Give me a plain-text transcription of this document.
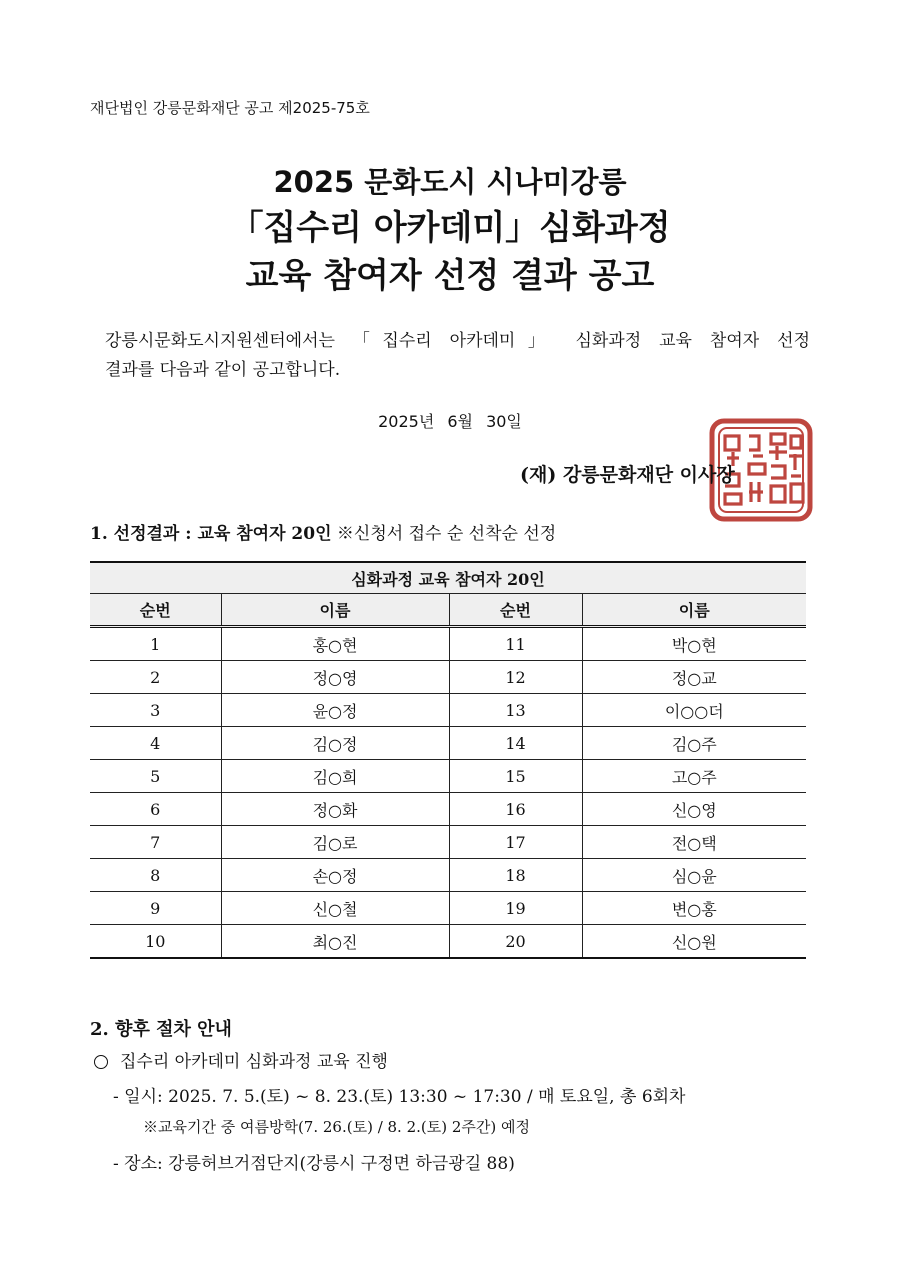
재단법인 강릉문화재단 공고 제2025-75호
2025 문화도시 시나미강릉
「집수리 아카데미」심화과정
교육 참여자 선정 결과 공고
강릉시문화도시지원센터에서는 「집수리 아카데미」 심화과정 교육 참여자 선정
결과를 다음과 같이 공고합니다.
2025년 6월 30일
(재) 강릉문화재단 이사장
1. 선정결과 : 교육 참여자 20인 ※신청서 접수 순 선착순 선정
심화과정 교육 참여자 20인			
순번	이름	순번	이름
1	홍○현	11	박○현
2	정○영	12	정○교
3	윤○정	13	이○○더
4	김○정	14	김○주
5	김○희	15	고○주
6	정○화	16	신○영
7	김○로	17	전○택
8	손○정	18	심○윤
9	신○철	19	변○홍
10	최○진	20	신○원
2. 향후 절차 안내
집수리 아카데미 심화과정 교육 진행
- 일시: 2025. 7. 5.(토) ~ 8. 23.(토) 13:30 ~ 17:30 / 매 토요일, 총 6회차
※교육기간 중 여름방학(7. 26.(토) / 8. 2.(토) 2주간) 예정
- 장소: 강릉허브거점단지(강릉시 구정면 하금광길 88)
